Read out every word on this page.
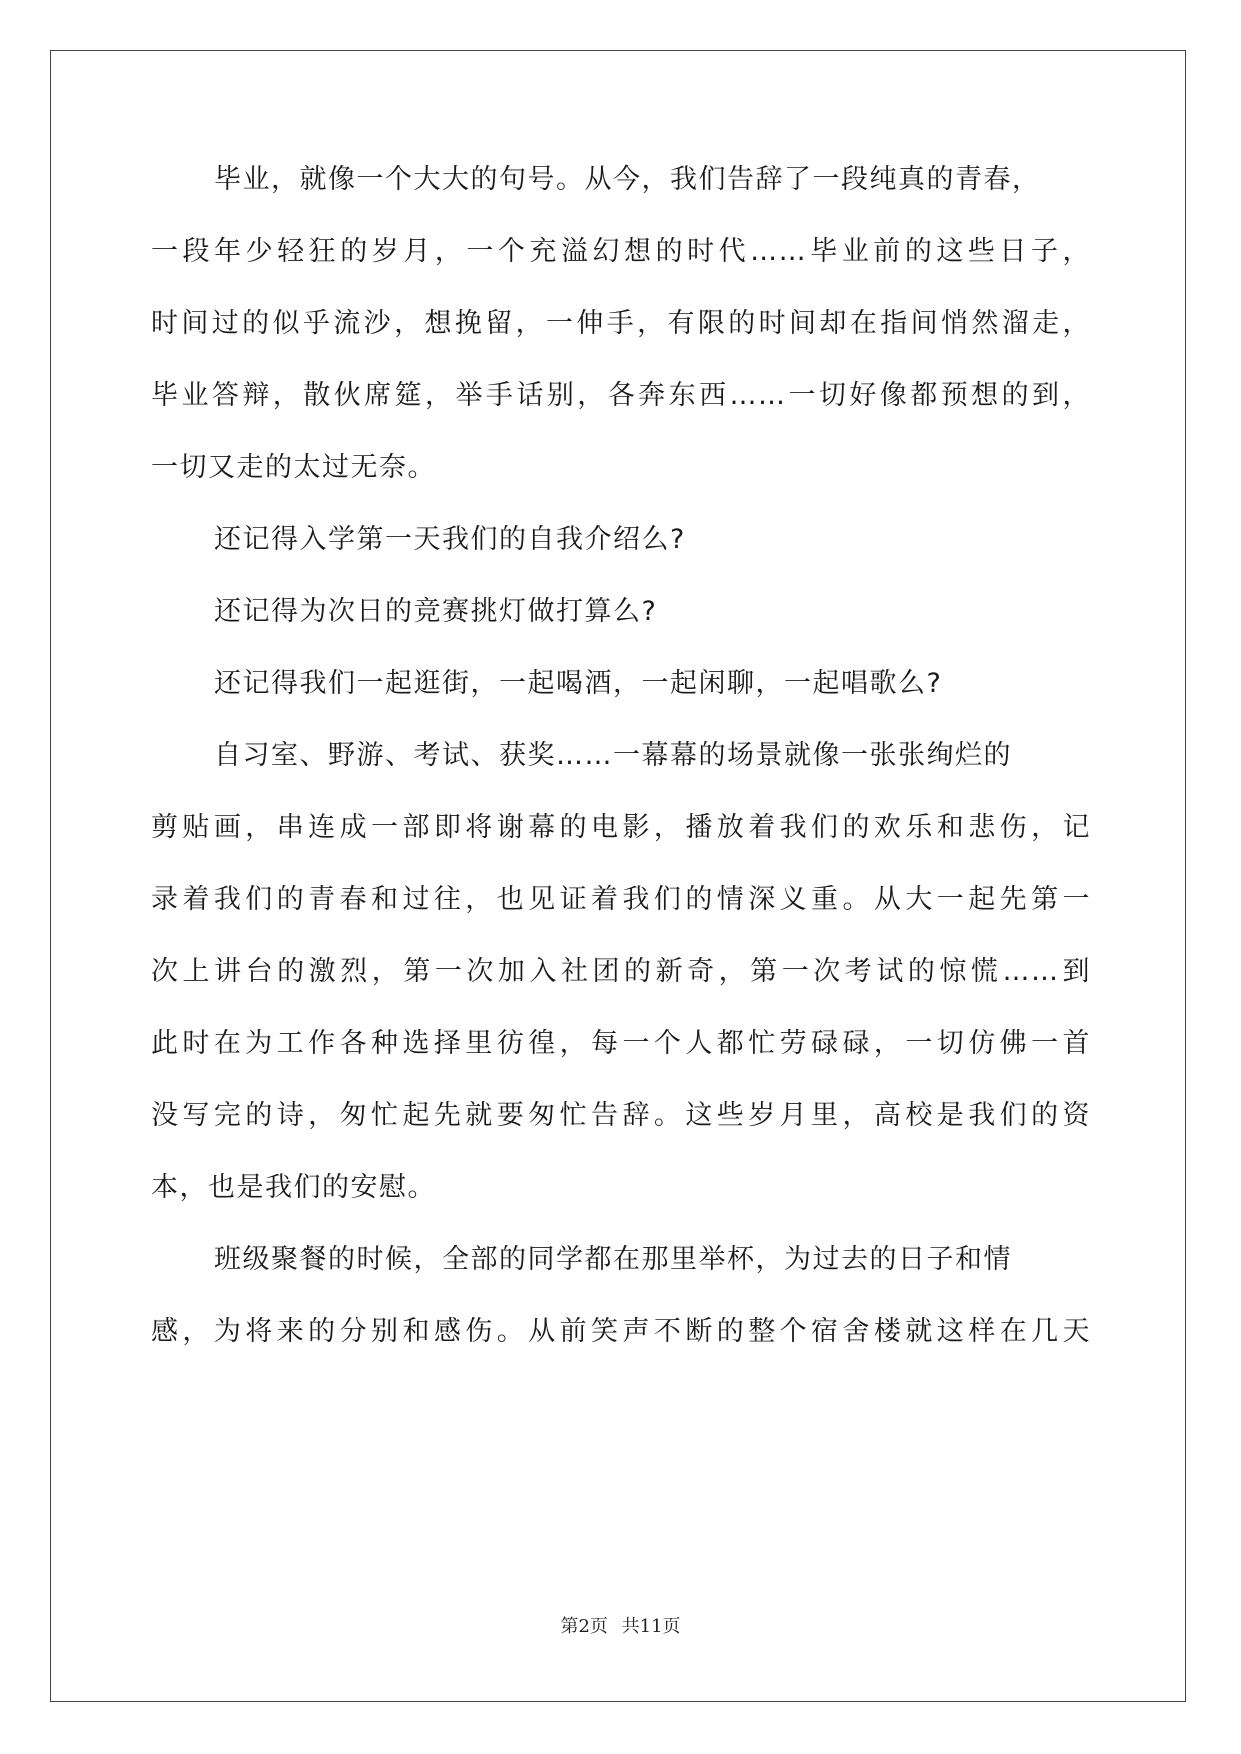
毕业，就像一个大大的句号。从今，我们告辞了一段纯真的青春，
一段年少轻狂的岁月，一个充溢幻想的时代……毕业前的这些日子，
时间过的似乎流沙，想挽留，一伸手，有限的时间却在指间悄然溜走，
毕业答辩，散伙席筵，举手话别，各奔东西……一切好像都预想的到，
一切又走的太过无奈。
还记得入学第一天我们的自我介绍么?
还记得为次日的竞赛挑灯做打算么?
还记得我们一起逛街，一起喝酒，一起闲聊，一起唱歌么?
自习室、野游、考试、获奖……一幕幕的场景就像一张张绚烂的
剪贴画，串连成一部即将谢幕的电影，播放着我们的欢乐和悲伤，记
录着我们的青春和过往，也见证着我们的情深义重。从大一起先第一
次上讲台的激烈，第一次加入社团的新奇，第一次考试的惊慌……到
此时在为工作各种选择里彷徨，每一个人都忙劳碌碌，一切仿佛一首
没写完的诗，匆忙起先就要匆忙告辞。这些岁月里，高校是我们的资
本，也是我们的安慰。
班级聚餐的时候，全部的同学都在那里举杯，为过去的日子和情
感，为将来的分别和感伤。从前笑声不断的整个宿舍楼就这样在几天
第2页 共11页
